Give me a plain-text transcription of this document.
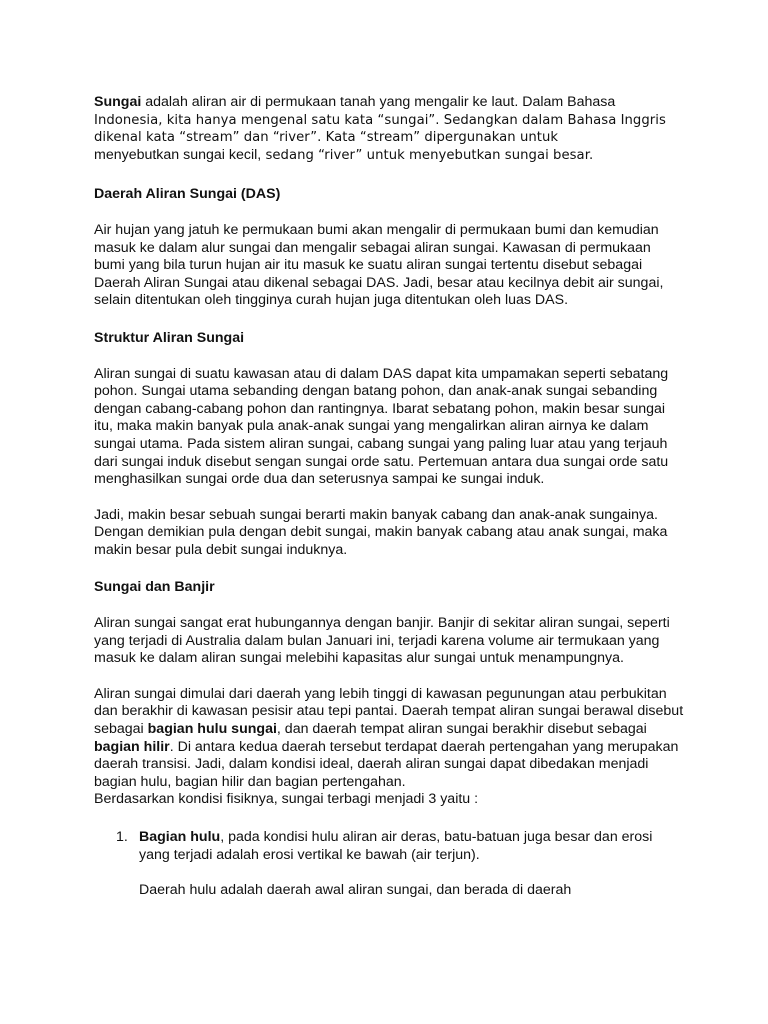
Sungai adalah aliran air di permukaan tanah yang mengalir ke laut. Dalam Bahasa
Indonesia, kita hanya mengenal satu kata “sungai”. Sedangkan dalam Bahasa Inggris dikenal kata “stream” dan “river”. Kata “stream” dipergunakan untuk
menyebutkan sungai kecil, sedang “river” untuk menyebutkan sungai besar.

Daerah Aliran Sungai (DAS)

Air hujan yang jatuh ke permukaan bumi akan mengalir di permukaan bumi dan kemudian masuk ke dalam alur sungai dan mengalir sebagai aliran sungai. Kawasan di permukaan bumi yang bila turun hujan air itu masuk ke suatu aliran sungai tertentu disebut sebagai Daerah Aliran Sungai atau dikenal sebagai DAS. Jadi, besar atau kecilnya debit air sungai, selain ditentukan oleh tingginya curah hujan juga ditentukan oleh luas DAS.

Struktur Aliran Sungai

Aliran sungai di suatu kawasan atau di dalam DAS dapat kita umpamakan seperti sebatang pohon. Sungai utama sebanding dengan batang pohon, dan anak-anak sungai sebanding dengan cabang-cabang pohon dan rantingnya. Ibarat sebatang pohon, makin besar sungai itu, maka makin banyak pula anak-anak sungai yang mengalirkan aliran airnya ke dalam sungai utama. Pada sistem aliran sungai, cabang sungai yang paling luar atau yang terjauh dari sungai induk disebut sengan sungai orde satu. Pertemuan antara dua sungai orde satu menghasilkan sungai orde dua dan seterusnya sampai ke sungai induk.

Jadi, makin besar sebuah sungai berarti makin banyak cabang dan anak-anak sungainya. Dengan demikian pula dengan debit sungai, makin banyak cabang atau anak sungai, maka makin besar pula debit sungai induknya.

Sungai dan Banjir

Aliran sungai sangat erat hubungannya dengan banjir. Banjir di sekitar aliran sungai, seperti yang terjadi di Australia dalam bulan Januari ini, terjadi karena volume air termukaan yang masuk ke dalam aliran sungai melebihi kapasitas alur sungai untuk menampungnya.

Aliran sungai dimulai dari daerah yang lebih tinggi di kawasan pegunungan atau perbukitan dan berakhir di kawasan pesisir atau tepi pantai. Daerah tempat aliran sungai berawal disebut sebagai bagian hulu sungai, dan daerah tempat aliran sungai berakhir disebut sebagai bagian hilir. Di antara kedua daerah tersebut terdapat daerah pertengahan yang merupakan daerah transisi. Jadi, dalam kondisi ideal, daerah aliran sungai dapat dibedakan menjadi bagian hulu, bagian hilir dan bagian pertengahan.

Berdasarkan kondisi fisiknya, sungai terbagi menjadi 3 yaitu :

1. Bagian hulu, pada kondisi hulu aliran air deras, batu-batuan juga besar dan erosi yang terjadi adalah erosi vertikal ke bawah (air terjun).

Daerah hulu adalah daerah awal aliran sungai, dan berada di daerah
